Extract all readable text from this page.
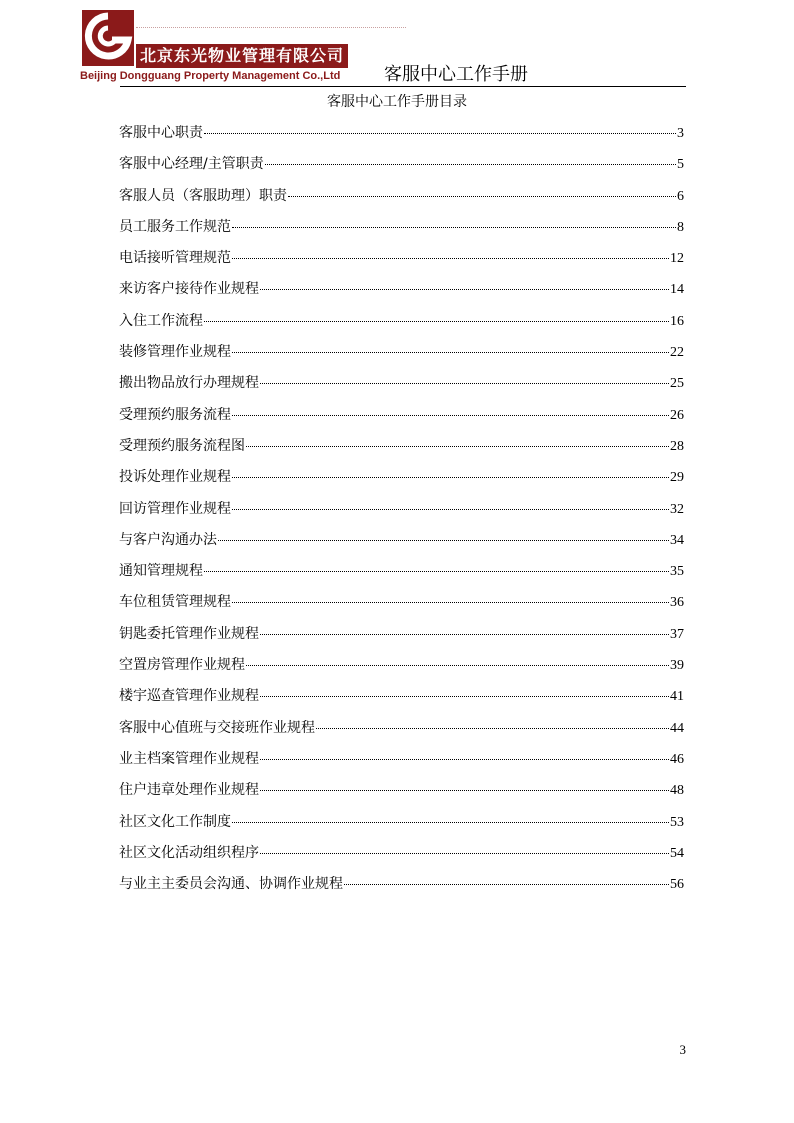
北京东光物业管理有限公司
Beijing Dongguang Property Management Co.,Ltd 客服中心工作手册
客服中心工作手册目录
客服中心职责	3
客服中心经理/主管职责	5
客服人员（客服助理）职责	6
员工服务工作规范	8
电话接听管理规范	12
来访客户接待作业规程	14
入住工作流程	16
装修管理作业规程	22
搬出物品放行办理规程	25
受理预约服务流程	26
受理预约服务流程图	28
投诉处理作业规程	29
回访管理作业规程	32
与客户沟通办法	34
通知管理规程	35
车位租赁管理规程	36
钥匙委托管理作业规程	37
空置房管理作业规程	39
楼宇巡查管理作业规程	41
客服中心值班与交接班作业规程	44
业主档案管理作业规程	46
住户违章处理作业规程	48
社区文化工作制度	53
社区文化活动组织程序	54
与业主主委员会沟通、协调作业规程	56
3
